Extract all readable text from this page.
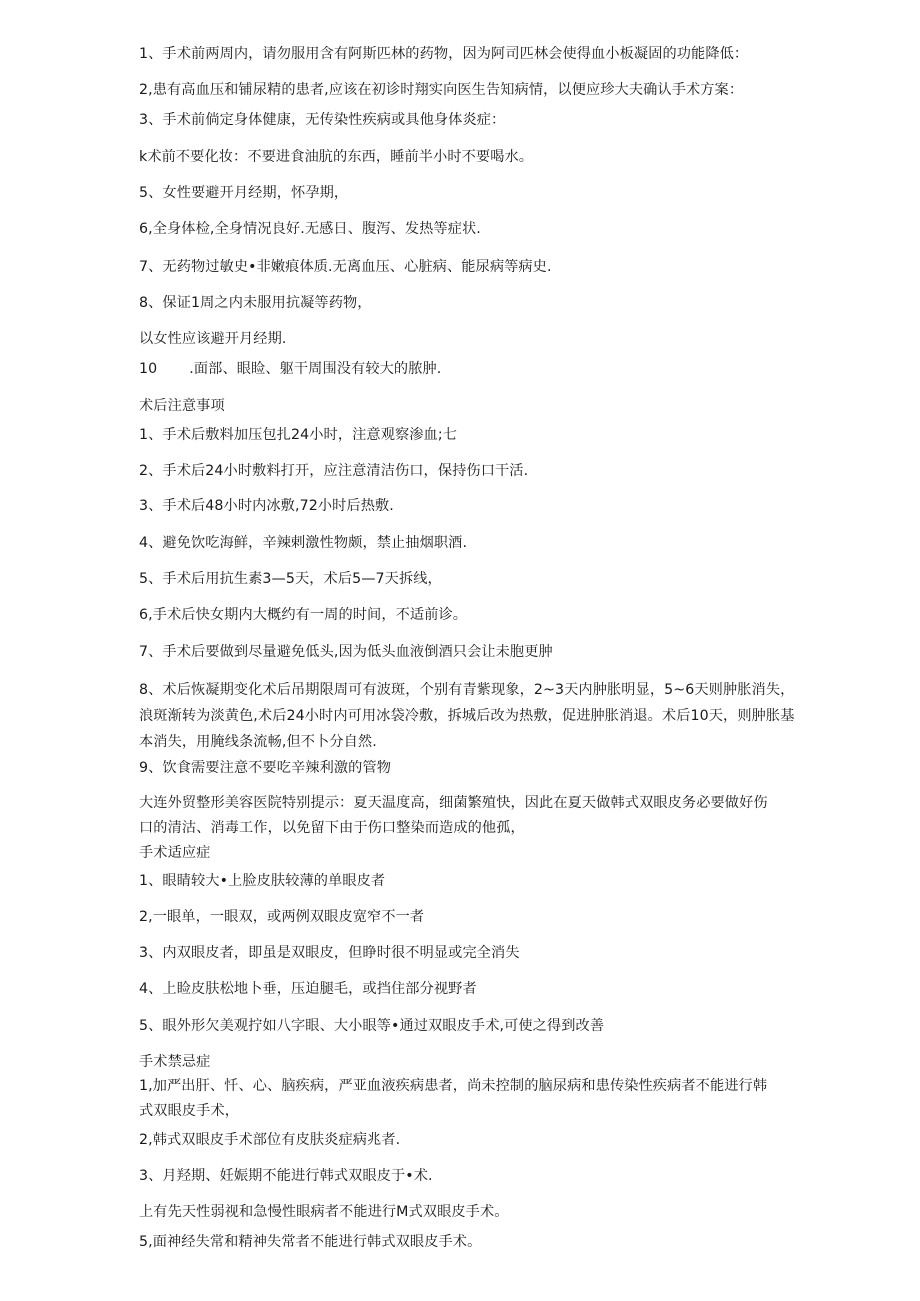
1、手术前两周内，请勿服用含有阿斯匹林的药物，因为阿司匹林会使得血小板凝固的功能降低：

2,患有高血压和铺尿精的患者,应该在初诊时翔实向医生告知病情，以便应珍大夫确认手术方案：

3、手术前倘定身体健康，无传染性疾病或具他身体炎症：

k术前不要化妆：不要进食油肮的东西，睡前半小时不要喝水。

5、女性要避开月经期，怀孕期，

6,全身体检,全身情况良好.无感日、腹泻、发热等症状.

7、无药物过敏史•非嫩痕体质.无离血压、心脏病、能尿病等病史.

8、保证1周之内未服用抗凝等药物，

以女性应该避开月经期.

10 .面部、眼睑、躯干周围没有较大的脓肿.

术后注意事项

1、手术后敷料加压包扎24小时，注意观察渗血;七

2、手术后24小时敷料打开，应注意清洁伤口，保持伤口干活.

3、手术后48小时内冰敷,72小时后热敷.

4、避免饮吃海鲜，辛辣剌激性物颇，禁止抽烟职酒.

5、手术后用抗生素3—5天，术后5—7天拆线，

6,手术后快女期内大概约有一周的时间，不适前诊。

7、手术后要做到尽量避免低头,因为低头血液倒酒只会让未胞更肿

8、术后恢凝期变化术后吊期限周可有波斑，个别有青紫现象，2~3天内肿胀明显，5~6天则肿胀消失，

浪斑渐转为淡黄色,术后24小时内可用冰袋冷敷，拆城后改为热敷，促进肿胀消退。术后10天，则肿胀基

本消失，用腌线条流畅,但不卜分自然.

9、饮食需要注意不要吃辛辣利激的管物

大连外贸整形美容医院特别提示：夏天温度高，细菌繁殖快，因此在夏天做韩式双眼皮务必要做好伤

口的清沽、消毒工作，以免留下由于伤口整染而造成的他孤，

手术适应症

1、眼睛较大•上脸皮肤较薄的单眼皮者

2,一眼单，一眼双，或两例双眼皮宽窄不一者

3、内双眼皮者，即虽是双眼皮，但睁时很不明显或完全消失

4、上睑皮肤松地卜垂，压迫腿毛，或挡住部分视野者

5、眼外形欠美观拧如八字眼、大小眼等•通过双眼皮手术,可使之得到改善

手术禁忌症

1,加严出肝、忏、心、脑疾病，严亚血液疾病患者，尚未控制的脑尿病和患传染性疾病者不能进行韩

式双眼皮手术，

2,韩式双眼皮手术部位有皮肤炎症病兆者.

3、月羟期、妊娠期不能进行韩式双眼皮于•术.

上有先天性弱视和急慢性眼病者不能进行M式双眼皮手术。

5,面神经失常和精神失常者不能进行韩式双眼皮手术。
